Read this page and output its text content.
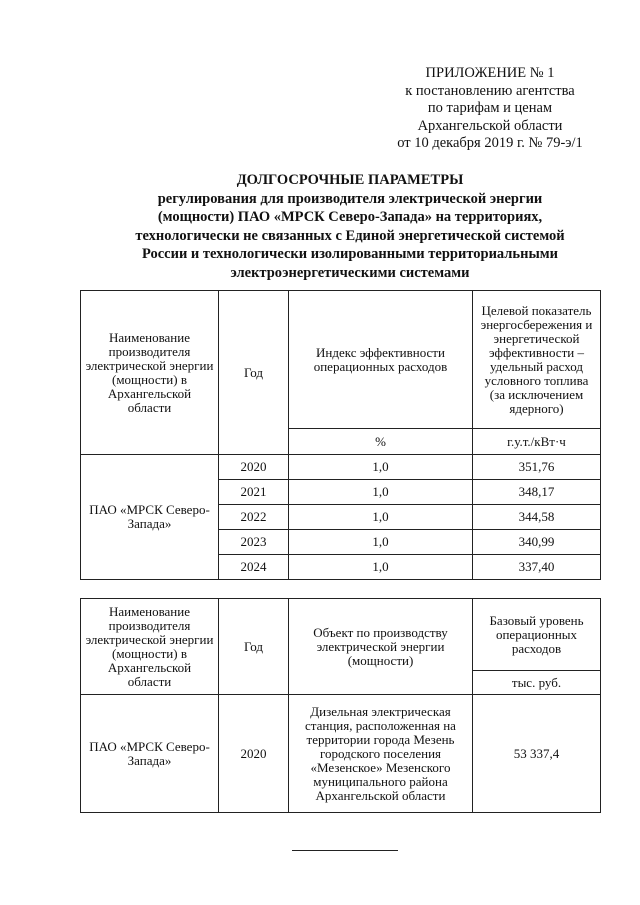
ПРИЛОЖЕНИЕ № 1
к постановлению агентства
по тарифам и ценам
Архангельской области
от 10 декабря 2019 г. № 79-э/1
ДОЛГОСРОЧНЫЕ ПАРАМЕТРЫ
регулирования для производителя электрической энергии
(мощности) ПАО «МРСК Северо-Запада» на территориях,
технологически не связанных с Единой энергетической системой
России и технологически изолированными территориальными
электроэнергетическими системами
Наименование производителя электрической энергии (мощности) в Архангельской области	Год	Индекс эффективности операционных расходов	Целевой показатель энергосбережения и энергетической эффективности – удельный расход условного топлива (за исключением ядерного)
		%	г.у.т./кВт·ч
ПАО «МРСК Северо-Запада»	2020	1,0	351,76
	2021	1,0	348,17
	2022	1,0	344,58
	2023	1,0	340,99
	2024	1,0	337,40
Наименование производителя электрической энергии (мощности) в Архангельской области	Год	Объект по производству электрической энергии (мощности)	Базовый уровень операционных расходов
			тыс. руб.
ПАО «МРСК Северо-Запада»	2020	Дизельная электрическая станция, расположенная на территории города Мезень городского поселения «Мезенское» Мезенского муниципального района Архангельской области	53 337,4
